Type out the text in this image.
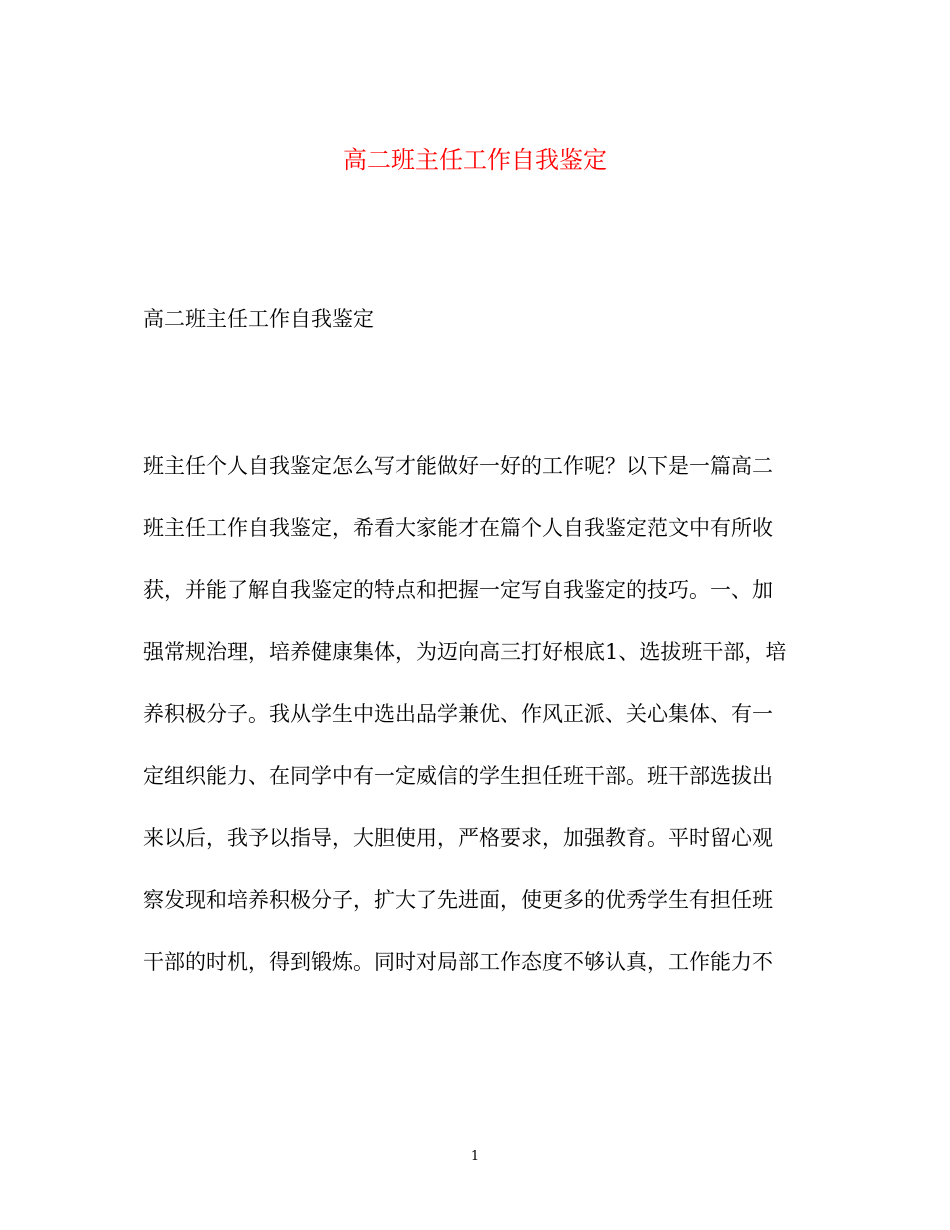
高二班主任工作自我鉴定
高二班主任工作自我鉴定
班主任个人自我鉴定怎么写才能做好一好的工作呢？以下是一篇高二
班主任工作自我鉴定，希看大家能才在篇个人自我鉴定范文中有所收
获，并能了解自我鉴定的特点和把握一定写自我鉴定的技巧。一、加
强常规治理，培养健康集体，为迈向高三打好根底1、选拔班干部，培
养积极分子。我从学生中选出品学兼优、作风正派、关心集体、有一
定组织能力、在同学中有一定威信的学生担任班干部。班干部选拔出
来以后，我予以指导，大胆使用，严格要求，加强教育。平时留心观
察发现和培养积极分子，扩大了先进面，使更多的优秀学生有担任班
干部的时机，得到锻炼。同时对局部工作态度不够认真，工作能力不
1
